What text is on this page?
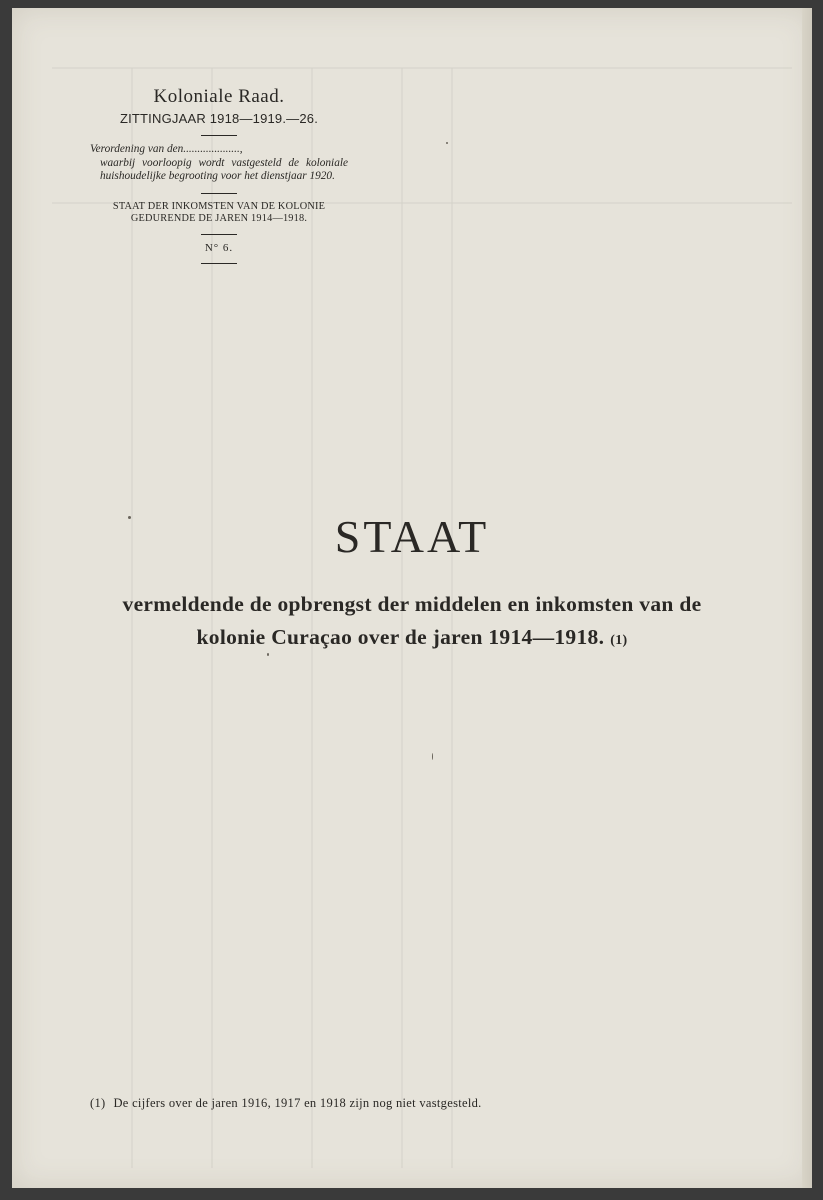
Koloniale Raad.

ZITTINGJAAR 1918—1919.—26.

Verordening van den....................,
waarbij voorloopig wordt vastgesteld de koloniale huishoudelijke begrooting voor het dienstjaar 1920.

STAAT DER INKOMSTEN VAN DE KOLONIE

GEDURENDE DE JAREN 1914—1918.

N° 6.

STAAT

vermeldende de opbrengst der middelen en inkomsten van de
kolonie Curaçao over de jaren 1914—1918. (1)

(1) De cijfers over de jaren 1916, 1917 en 1918 zijn nog niet vastgesteld.
